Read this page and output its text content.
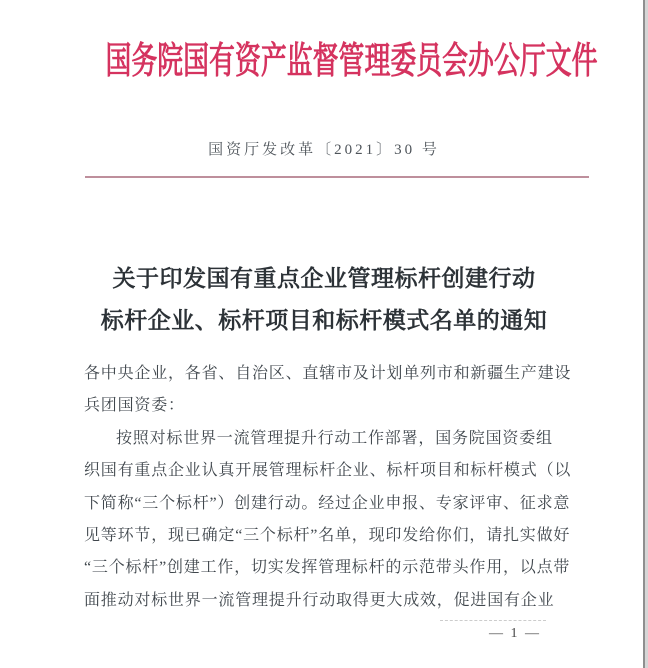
国务院国有资产监督管理委员会办公厅文件
国资厅发改革〔2021〕30 号
关于印发国有重点企业管理标杆创建行动
标杆企业、标杆项目和标杆模式名单的通知
各中央企业，各省、自治区、直辖市及计划单列市和新疆生产建设
兵团国资委：
按照对标世界一流管理提升行动工作部署，国务院国资委组
织国有重点企业认真开展管理标杆企业、标杆项目和标杆模式（以
下简称“三个标杆”）创建行动。经过企业申报、专家评审、征求意
见等环节，现已确定“三个标杆”名单，现印发给你们，请扎实做好
“三个标杆”创建工作，切实发挥管理标杆的示范带头作用，以点带
面推动对标世界一流管理提升行动取得更大成效，促进国有企业
— 1 —
